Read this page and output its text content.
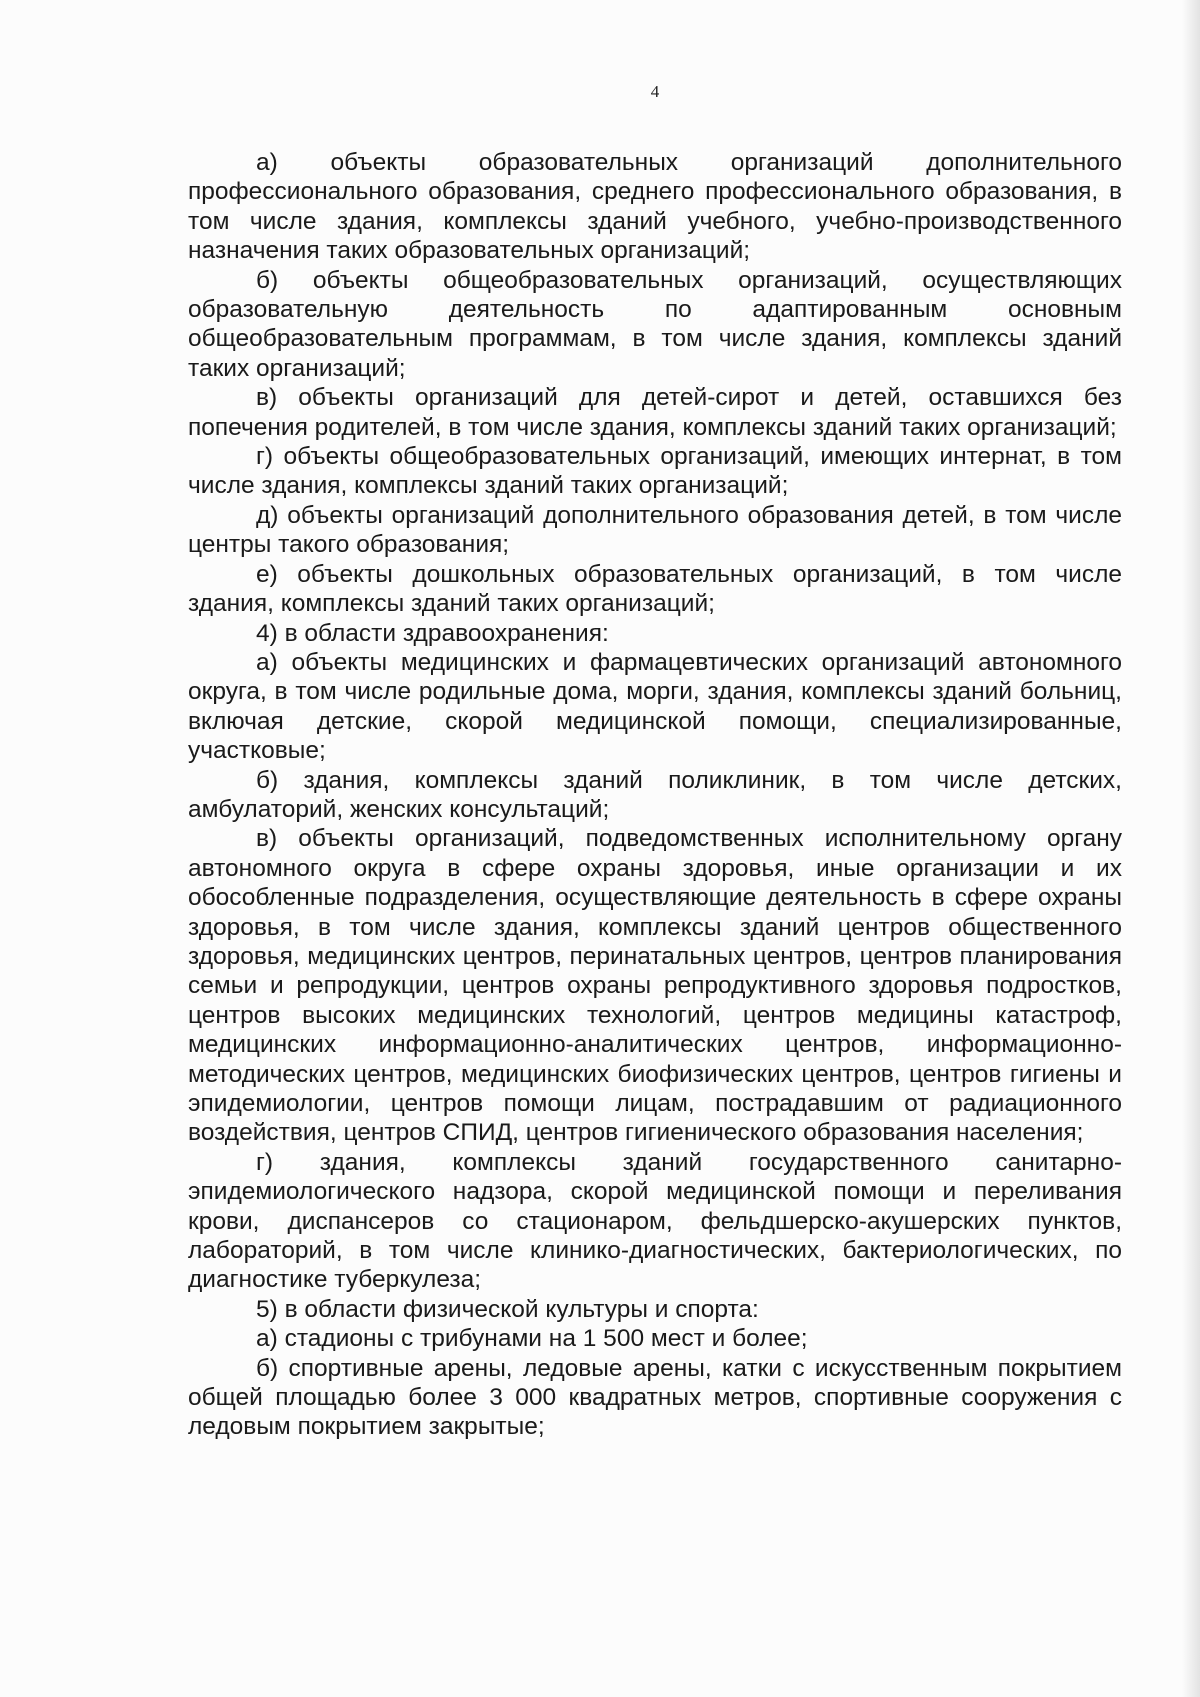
4

а) объекты образовательных организаций дополнительного профессионального образования, среднего профессионального образования, в том числе здания, комплексы зданий учебного, учебно-производственного назначения таких образовательных организаций;

б) объекты общеобразовательных организаций, осуществляющих образовательную деятельность по адаптированным основным общеобразовательным программам, в том числе здания, комплексы зданий таких организаций;

в) объекты организаций для детей-сирот и детей, оставшихся без попечения родителей, в том числе здания, комплексы зданий таких организаций;

г) объекты общеобразовательных организаций, имеющих интернат, в том числе здания, комплексы зданий таких организаций;

д) объекты организаций дополнительного образования детей, в том числе центры такого образования;

е) объекты дошкольных образовательных организаций, в том числе здания, комплексы зданий таких организаций;

4) в области здравоохранения:

а) объекты медицинских и фармацевтических организаций автономного округа, в том числе родильные дома, морги, здания, комплексы зданий больниц, включая детские, скорой медицинской помощи, специализированные, участковые;

б) здания, комплексы зданий поликлиник, в том числе детских, амбулаторий, женских консультаций;

в) объекты организаций, подведомственных исполнительному органу автономного округа в сфере охраны здоровья, иные организации и их обособленные подразделения, осуществляющие деятельность в сфере охраны здоровья, в том числе здания, комплексы зданий центров общественного здоровья, медицинских центров, перинатальных центров, центров планирования семьи и репродукции, центров охраны репродуктивного здоровья подростков, центров высоких медицинских технологий, центров медицины катастроф, медицинских информационно-аналитических центров, информационно-методических центров, медицинских биофизических центров, центров гигиены и эпидемиологии, центров помощи лицам, пострадавшим от радиационного воздействия, центров СПИД, центров гигиенического образования населения;

г) здания, комплексы зданий государственного санитарно-эпидемиологического надзора, скорой медицинской помощи и переливания крови, диспансеров со стационаром, фельдшерско-акушерских пунктов, лабораторий, в том числе клинико-диагностических, бактериологических, по диагностике туберкулеза;

5) в области физической культуры и спорта:

а) стадионы с трибунами на 1 500 мест и более;

б) спортивные арены, ледовые арены, катки с искусственным покрытием общей площадью более 3 000 квадратных метров, спортивные сооружения с ледовым покрытием закрытые;
